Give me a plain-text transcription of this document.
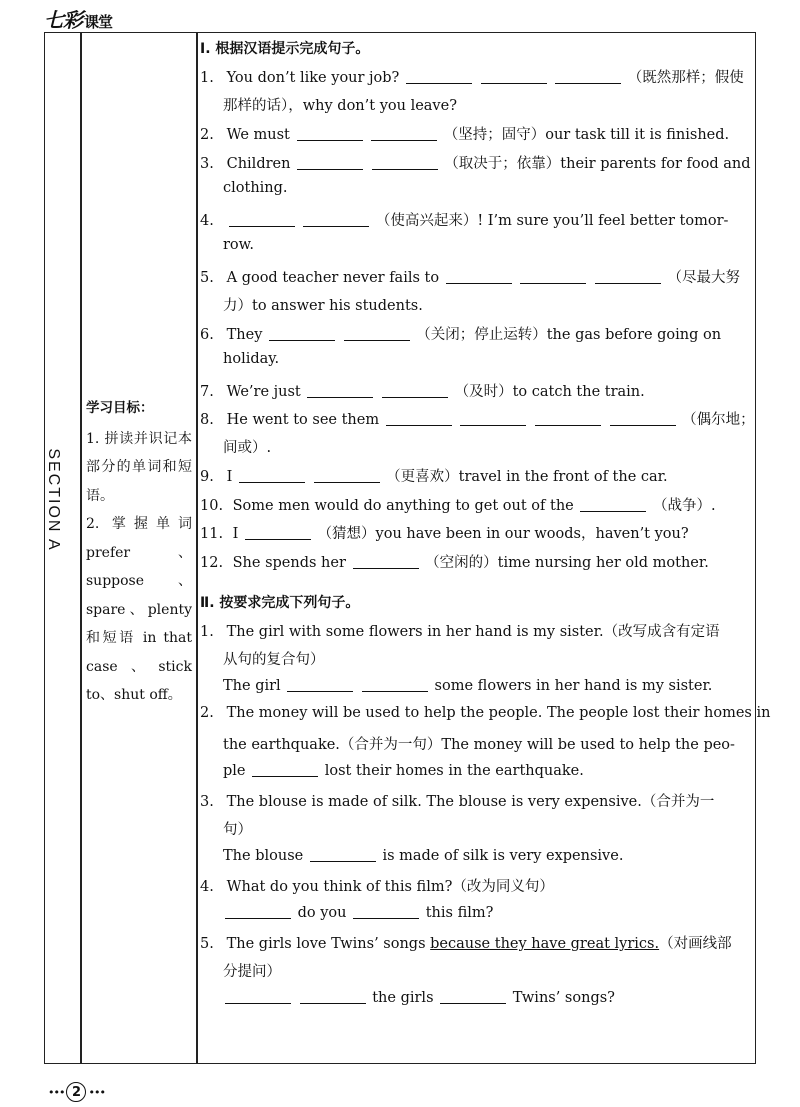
七彩 课堂
SECTION A
学习目标：
1. 拼读并识记本部分的单词和短语。
2. 掌握单词 prefer、suppose、spare、plenty 和短语 in that case、stick to、shut off。
Ⅰ. 根据汉语提示完成句子。
1. You don’t like your job?	（既然那样；假使
那样的话），why don’t you leave?
2. We must	（坚持；固守）our task till it is finished.
3. Children	（取决于；依靠）their parents for food and
clothing.
4.	（使高兴起来）! I’m sure you’ll feel better tomor-
row.
5. A good teacher never fails to	（尽最大努
力）to answer his students.
6. They	（关闭；停止运转）the gas before going on
holiday.
7. We’re just	（及时）to catch the train.
8. He went to see them	（偶尔地；
间或）.
9. I	（更喜欢）travel in the front of the car.
10. Some men would do anything to get out of the	（战争）.
11. I	（猜想）you have been in our woods，haven’t you?
12. She spends her	（空闲的）time nursing her old mother.
Ⅱ. 按要求完成下列句子。
1. The girl with some flowers in her hand is my sister.（改写成含有定语
从句的复合句）
The girl	some flowers in her hand is my sister.
2. The money will be used to help the people. The people lost their homes in
the earthquake.（合并为一句）The money will be used to help the peo-
ple	lost their homes in the earthquake.
3. The blouse is made of silk. The blouse is very expensive.（合并为一
句）
The blouse	is made of silk is very expensive.
4. What do you think of this film?（改为同义句）
do you	this film?
5. The girls love Twins’ songs because they have great lyrics.（对画线部
分提问）
the girls	Twins’ songs?
••• 2 •••
